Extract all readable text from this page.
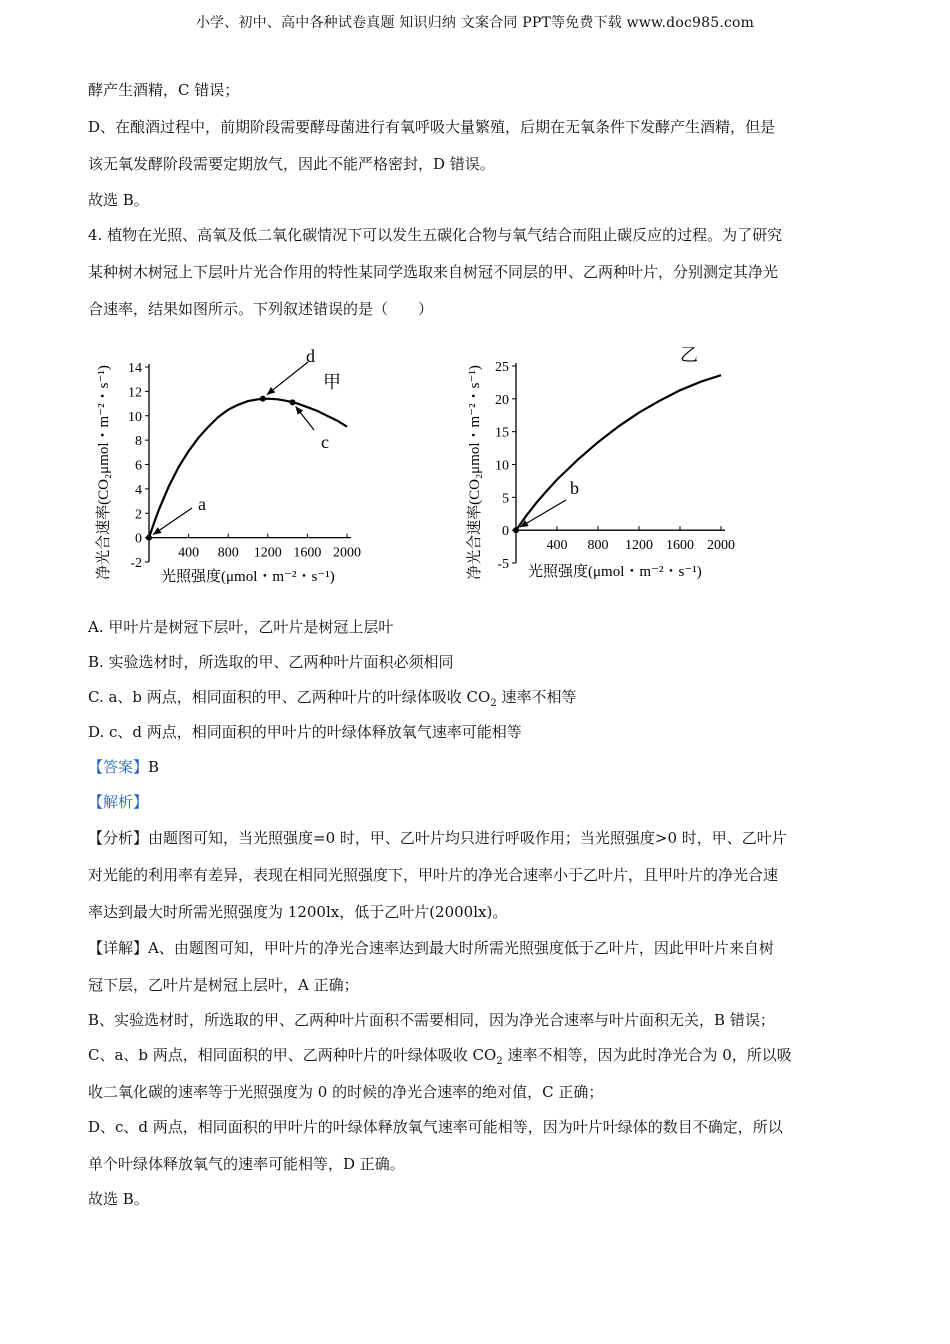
小学、初中、高中各种试卷真题 知识归纳 文案合同 PPT等免费下载 www.doc985.com
酵产生酒精，C 错误；
D、在酿酒过程中，前期阶段需要酵母菌进行有氧呼吸大量繁殖，后期在无氧条件下发酵产生酒精，但是
该无氧发酵阶段需要定期放气，因此不能严格密封，D 错误。
故选 B。
4. 植物在光照、高氧及低二氧化碳情况下可以发生五碳化合物与氧气结合而阻止碳反应的过程。为了研究
某种树木树冠上下层叶片光合作用的特性某同学选取来自树冠不同层的甲、乙两种叶片，分别测定其净光
合速率，结果如图所示。下列叙述错误的是（　　）
14
12
10
8
6
4
2
0
-2
400 800 1200 1600 2000
光照强度(μmol・m⁻²・s⁻¹)
净光合速率(CO₂μmol・m⁻²・s⁻¹)	甲
a
d
c
25
20
15
10
5
0
-5
400 800 1200 1600 2000
光照强度(μmol・m⁻²・s⁻¹)
净光合速率(CO₂μmol・m⁻²・s⁻¹)
乙
b
A. 甲叶片是树冠下层叶，乙叶片是树冠上层叶
B. 实验选材时，所选取的甲、乙两种叶片面积必须相同
C. a、b 两点，相同面积的甲、乙两种叶片的叶绿体吸收 $CO_2$ 速率不相等
D. c、d 两点，相同面积的甲叶片的叶绿体释放氧气速率可能相等
【答案】B
【解析】
【分析】由题图可知，当光照强度=0 时，甲、乙叶片均只进行呼吸作用；当光照强度>0 时，甲、乙叶片
对光能的利用率有差异，表现在相同光照强度下，甲叶片的净光合速率小于乙叶片，且甲叶片的净光合速
率达到最大时所需光照强度为 1200lx，低于乙叶片(2000lx)。
【详解】A、由题图可知，甲叶片的净光合速率达到最大时所需光照强度低于乙叶片，因此甲叶片来自树
冠下层，乙叶片是树冠上层叶，A 正确；
B、实验选材时，所选取的甲、乙两种叶片面积不需要相同，因为净光合速率与叶片面积无关，B 错误；
C、a、b 两点，相同面积的甲、乙两种叶片的叶绿体吸收 $CO_2$ 速率不相等，因为此时净光合为 0，所以吸
收二氧化碳的速率等于光照强度为 0 的时候的净光合速率的绝对值，C 正确；
D、c、d 两点，相同面积的甲叶片的叶绿体释放氧气速率可能相等，因为叶片叶绿体的数目不确定，所以
单个叶绿体释放氧气的速率可能相等，D 正确。
故选 B。
